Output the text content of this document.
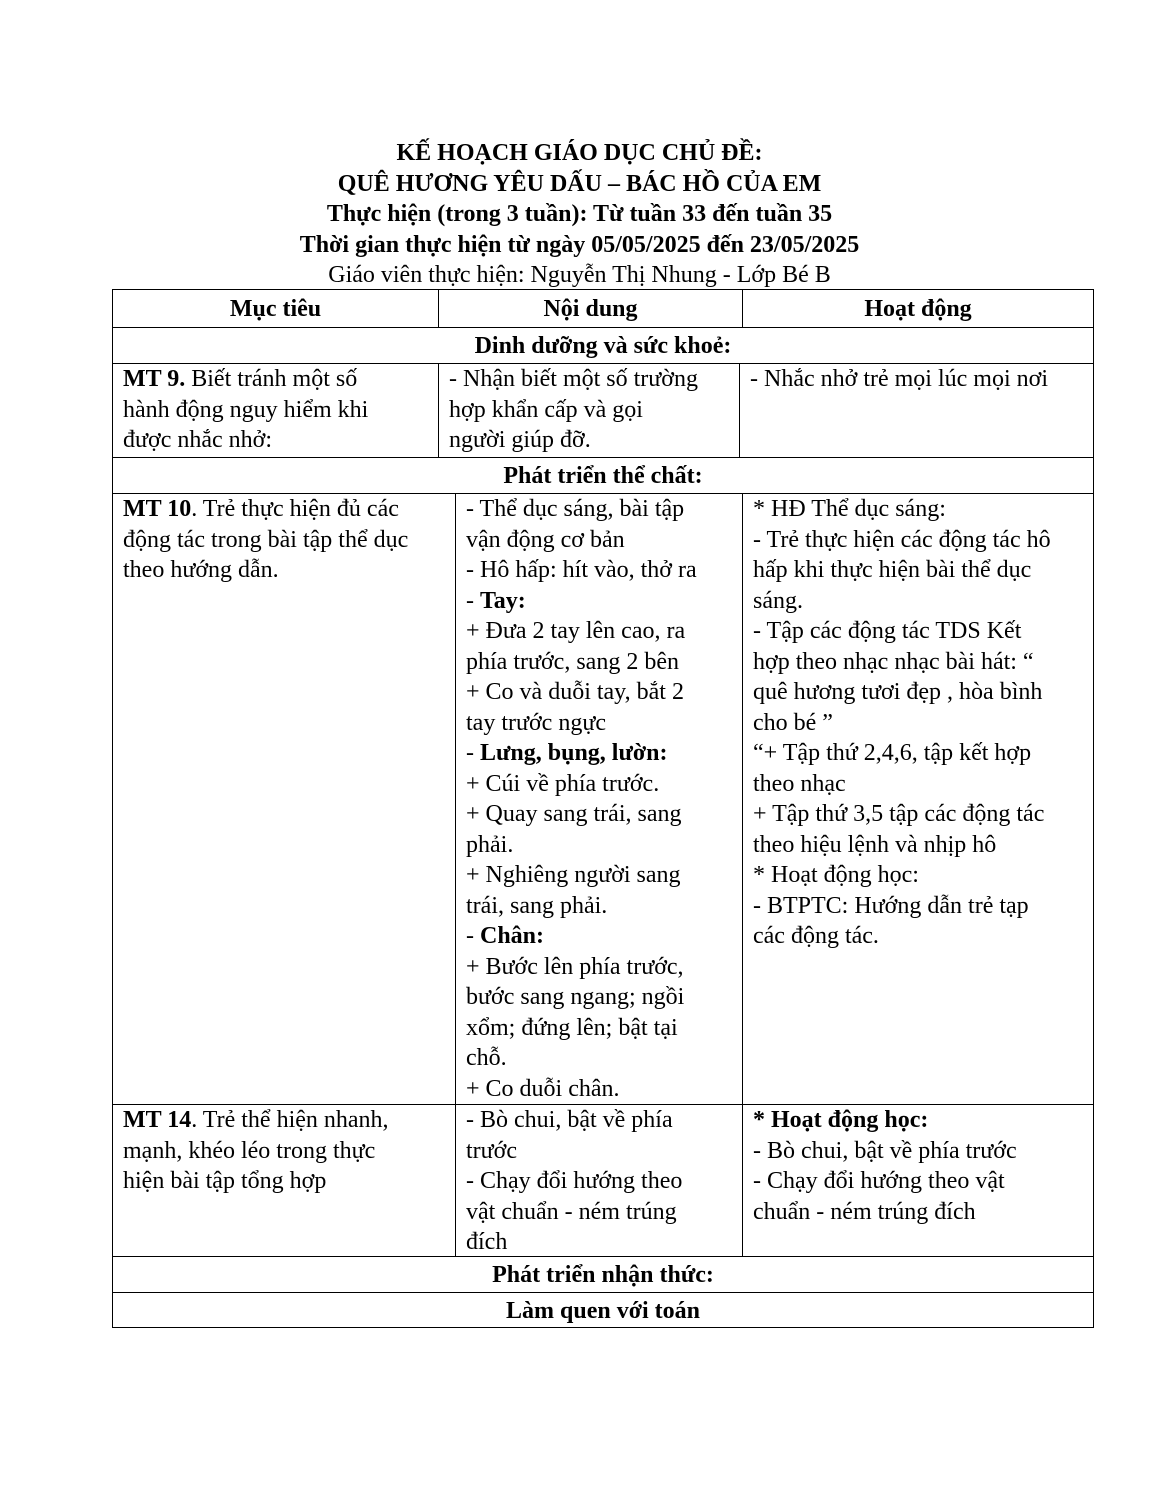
KẾ HOẠCH GIÁO DỤC CHỦ ĐỀ:
QUÊ HƯƠNG YÊU DẤU – BÁC HỒ CỦA EM
Thực hiện (trong 3 tuần): Từ tuần 33 đến tuần 35
Thời gian thực hiện từ ngày 05/05/2025 đến 23/05/2025
Giáo viên thực hiện: Nguyễn Thị Nhung - Lớp Bé B
Mục tiêu	Nội dung	Hoạt động
Dinh dưỡng và sức khoẻ:
MT 9. Biết tránh một số
hành động nguy hiểm khi
được nhắc nhở:
- Nhận biết một số trường
hợp khẩn cấp và gọi
người giúp đỡ.
- Nhắc nhở trẻ mọi lúc mọi nơi
Phát triển thể chất:
MT 10. Trẻ thực hiện đủ các
động tác trong bài tập thể dục
theo hướng dẫn.
- Thể dục sáng, bài tập
vận động cơ bản
- Hô hấp: hít vào, thở ra
- Tay:
+ Đưa 2 tay lên cao, ra
phía trước, sang 2 bên
+ Co và duỗi tay, bắt 2
tay trước ngực
- Lưng, bụng, lườn:
+ Cúi về phía trước.
+ Quay sang trái, sang
phải.
+ Nghiêng người sang
trái, sang phải.
- Chân:
+ Bước lên phía trước,
bước sang ngang; ngồi
xổm; đứng lên; bật tại
chỗ.
+ Co duỗi chân.
* HĐ Thể dục sáng:
- Trẻ thực hiện các động tác hô
hấp khi thực hiện bài thể dục
sáng.
- Tập các động tác TDS Kết
hợp theo nhạc nhạc bài hát: “
quê hương tươi đẹp , hòa bình
cho bé ”
“+ Tập thứ 2,4,6, tập kết hợp
theo nhạc
+ Tập thứ 3,5 tập các động tác
theo hiệu lệnh và nhịp hô
* Hoạt động học:
- BTPTC: Hướng dẫn trẻ tạp
các động tác.
MT 14. Trẻ thể hiện nhanh,
mạnh, khéo léo trong thực
hiện bài tập tổng hợp
- Bò chui, bật về phía
trước
- Chạy đổi hướng theo
vật chuẩn - ném trúng
đích
* Hoạt động học:
- Bò chui, bật về phía trước
- Chạy đổi hướng theo vật
chuẩn - ném trúng đích
Phát triển nhận thức:
Làm quen với toán
